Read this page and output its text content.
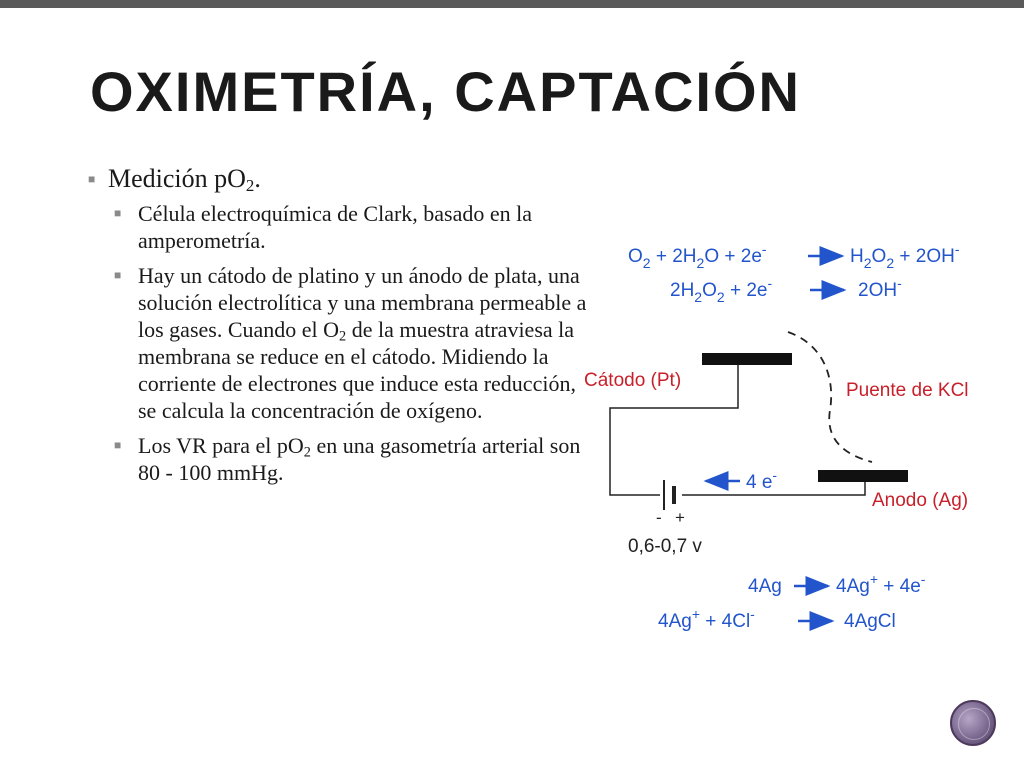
OXIMETRÍA, CAPTACIÓN
■ Medición $pO_2$.
■ Célula electroquímica de Clark, basado en la amperometría.
■ Hay un cátodo de platino y un ánodo de plata, una solución electrolítica y una membrana permeable a los gases. Cuando el $O_2$ de la muestra atraviesa la membrana se reduce en el cátodo. Midiendo la corriente de electrones que induce esta reducción, se calcula la concentración de oxígeno.
■ Los VR para el $pO_2$ en una gasometría arterial son 80 - 100 mmHg.
$O_2 + 2H_2O + 2e^-$	$H_2O_2 + 2OH^-$
$2H_2O_2 + 2e^-$	2OH-
- +
0,6-0,7 v
Cátodo (Pt)	Puente de KCl
Anodo (Ag)
4 e-
4Ag	4Ag+ + 4e-
4Ag+ + 4Cl-	4AgCl
